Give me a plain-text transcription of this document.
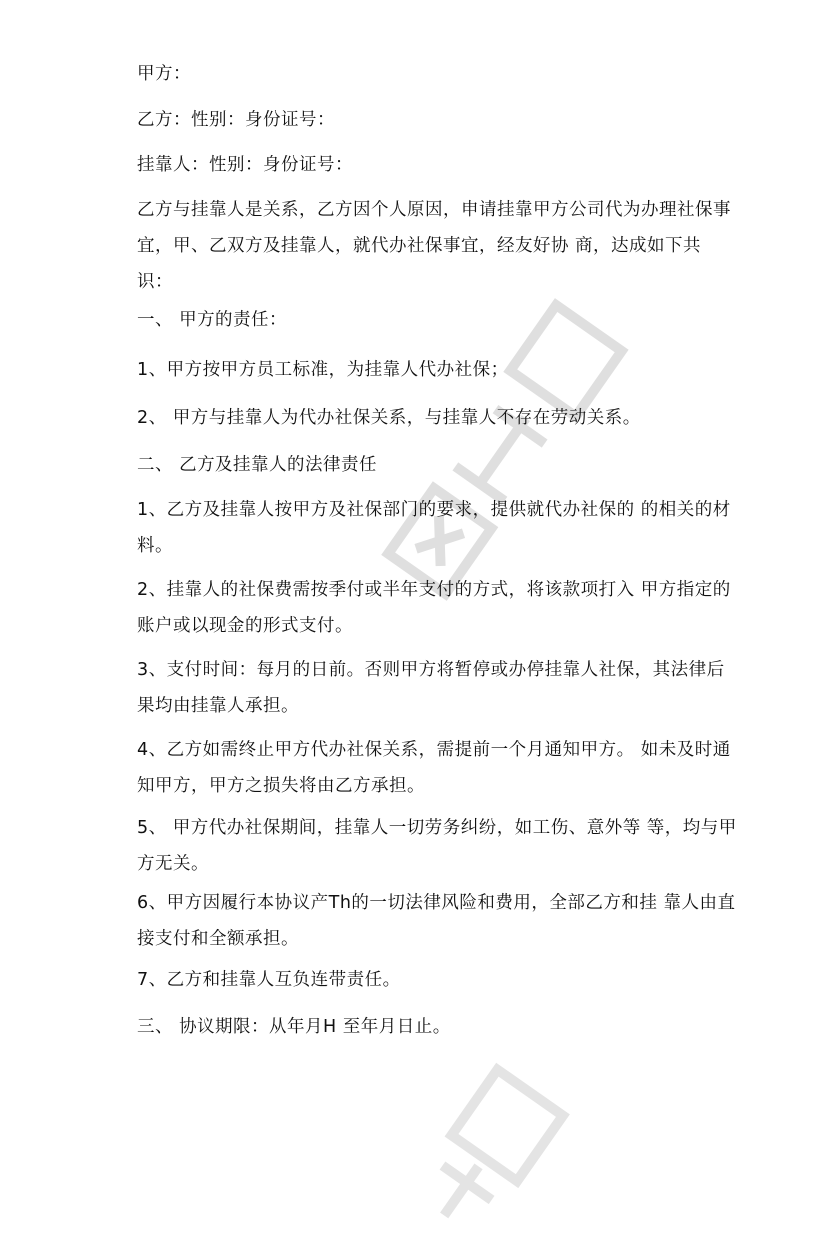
甲方：
乙方：性别：身份证号：
挂靠人：性别：身份证号：
乙方与挂靠人是关系，乙方因个人原因，申请挂靠甲方公司代为办理社保事宜，甲、乙双方及挂靠人，就代办社保事宜，经友好协 商，达成如下共识：
一、 甲方的责任：
1、甲方按甲方员工标准，为挂靠人代办社保；
2、 甲方与挂靠人为代办社保关系，与挂靠人不存在劳动关系。
二、 乙方及挂靠人的法律责任
1、乙方及挂靠人按甲方及社保部门的要求，提供就代办社保的 的相关的材料。
2、挂靠人的社保费需按季付或半年支付的方式，将该款项打入 甲方指定的账户或以现金的形式支付。
3、支付时间：每月的日前。否则甲方将暂停或办停挂靠人社保，其法律后果均由挂靠人承担。
4、乙方如需终止甲方代办社保关系，需提前一个月通知甲方。 如未及时通知甲方，甲方之损失将由乙方承担。
5、 甲方代办社保期间，挂靠人一切劳务纠纷，如工伤、意外等 等，均与甲方无关。
6、甲方因履行本协议产Th的一切法律风险和费用，全部乙方和挂 靠人由直接支付和全额承担。
7、乙方和挂靠人互负连带责任。
三、 协议期限：从年月H 至年月日止。
